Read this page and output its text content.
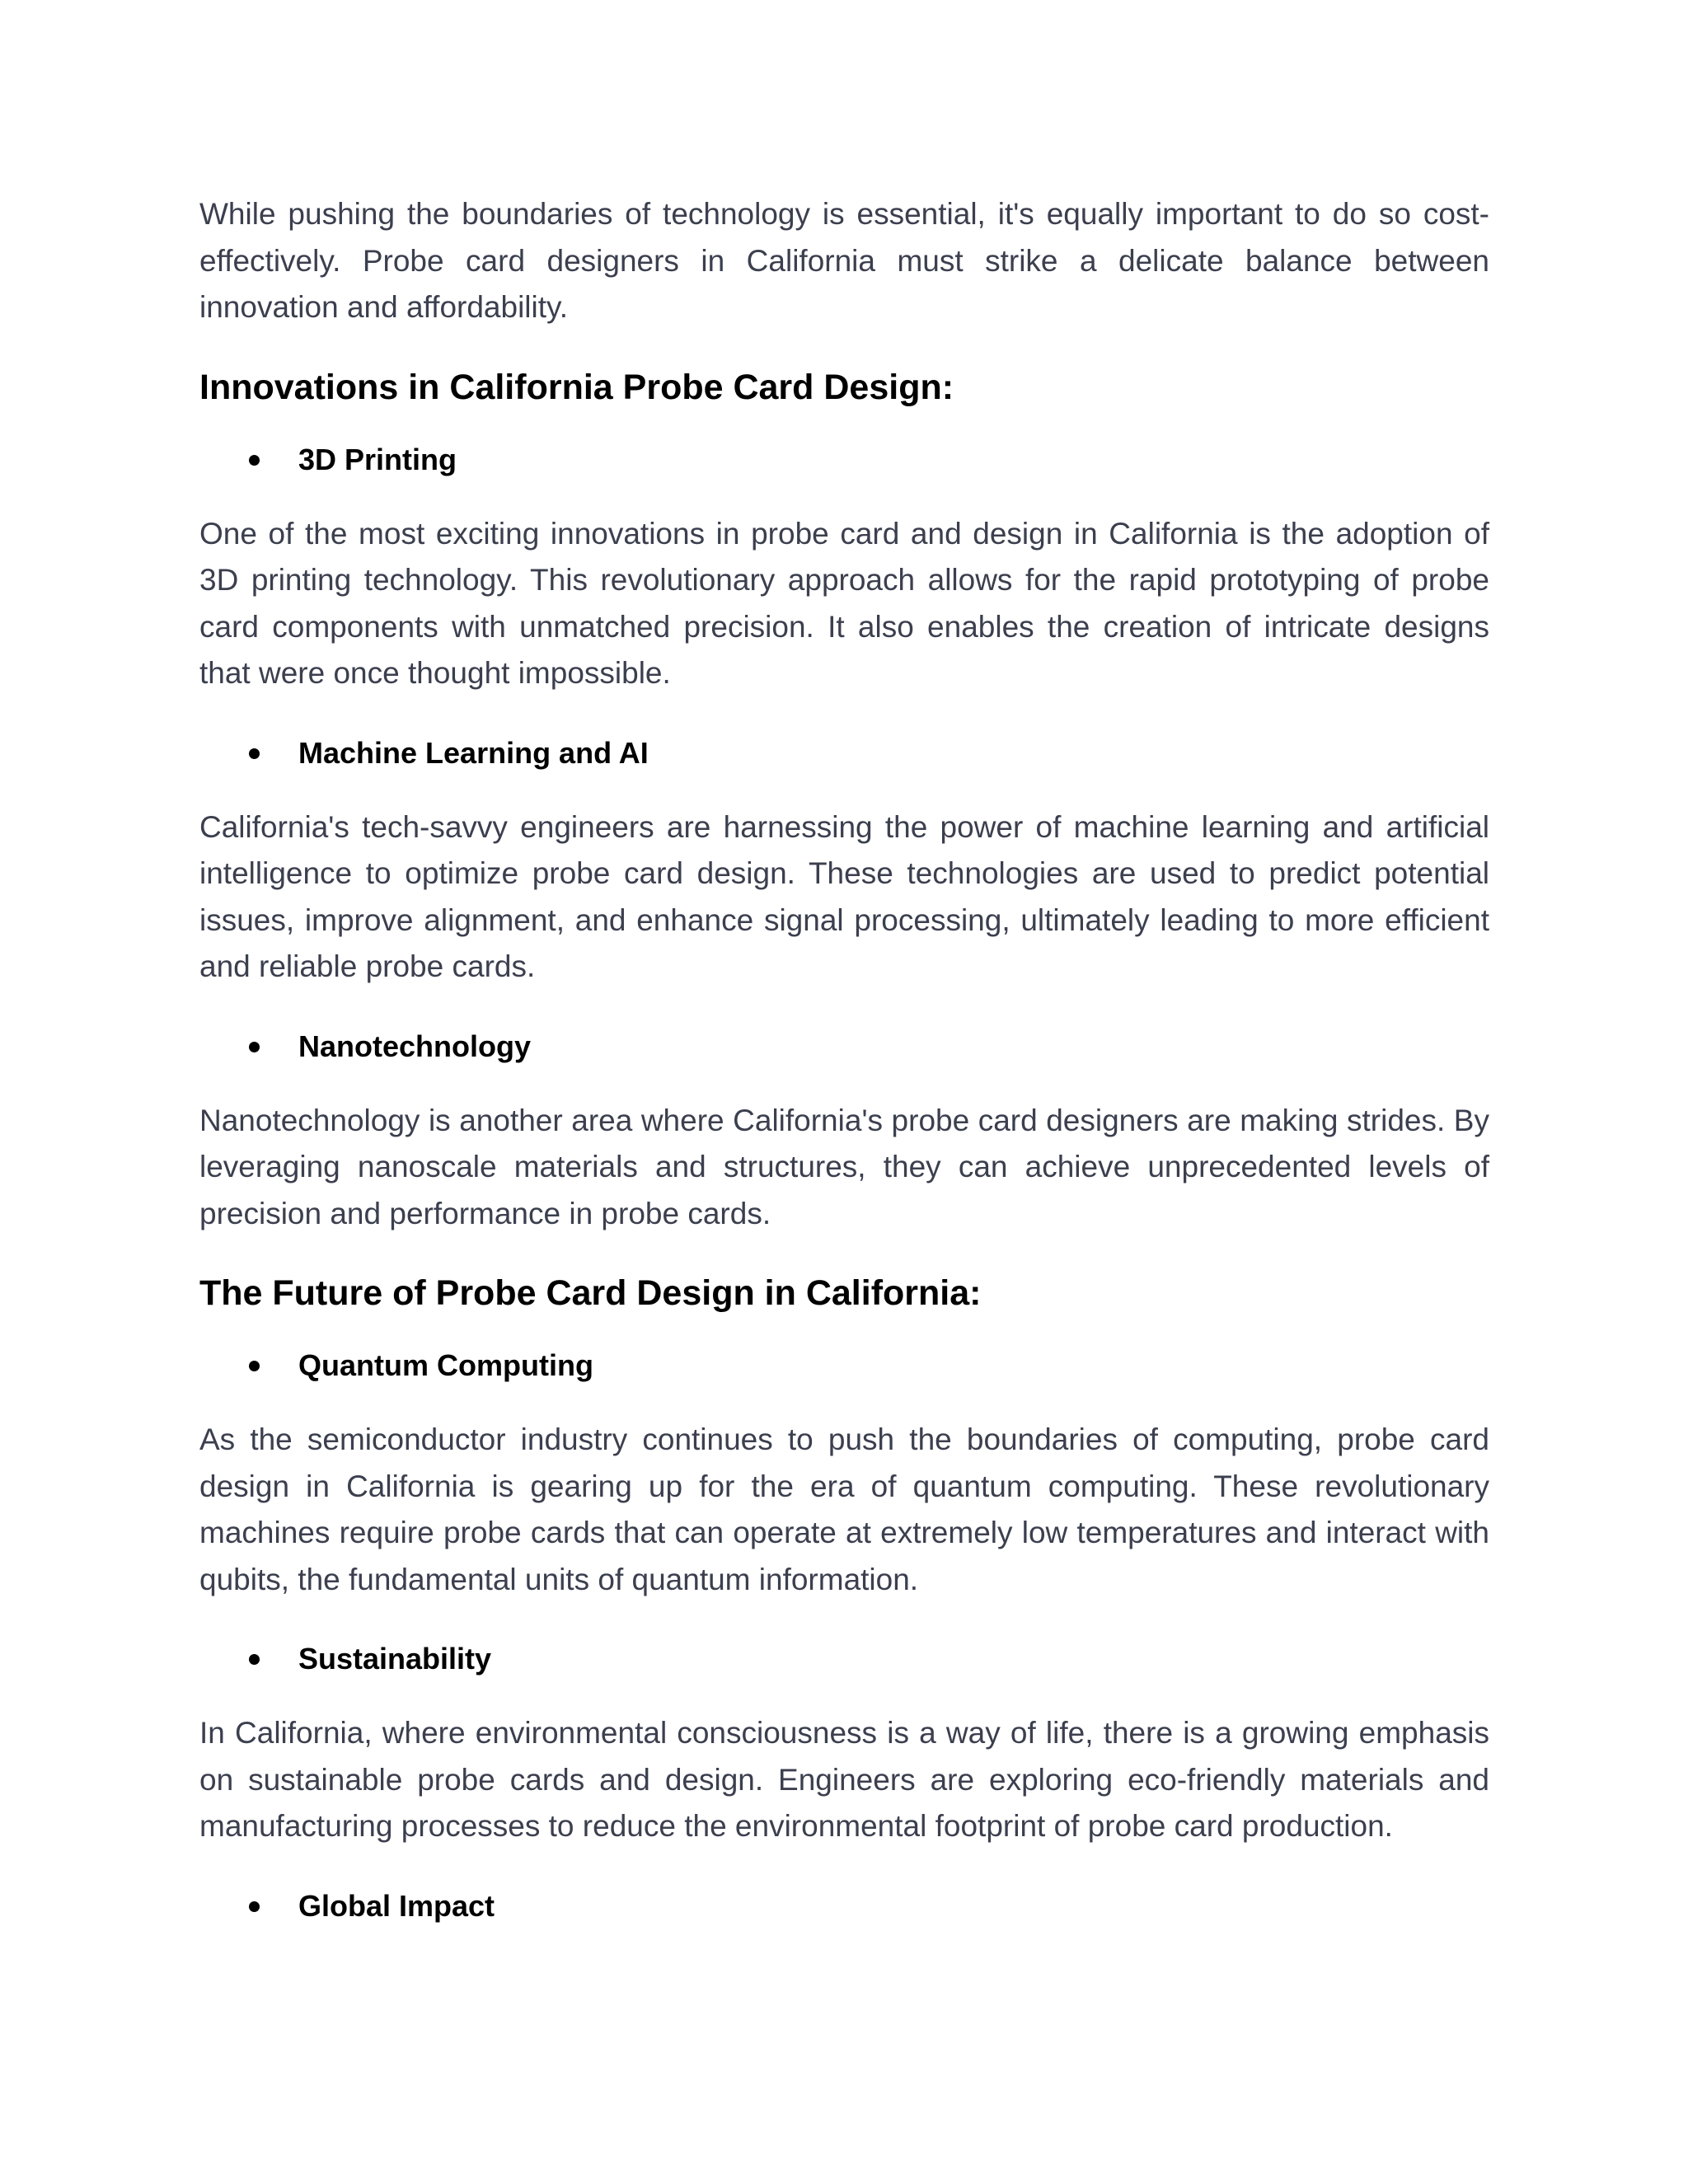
While pushing the boundaries of technology is essential, it's equally important to do so cost-effectively. Probe card designers in California must strike a delicate balance between innovation and affordability.

Innovations in California Probe Card Design:
3D Printing

One of the most exciting innovations in probe card and design in California is the adoption of 3D printing technology. This revolutionary approach allows for the rapid prototyping of probe card components with unmatched precision. It also enables the creation of intricate designs that were once thought impossible.

Machine Learning and AI

California's tech-savvy engineers are harnessing the power of machine learning and artificial intelligence to optimize probe card design. These technologies are used to predict potential issues, improve alignment, and enhance signal processing, ultimately leading to more efficient and reliable probe cards.

Nanotechnology

Nanotechnology is another area where California's probe card designers are making strides. By leveraging nanoscale materials and structures, they can achieve unprecedented levels of precision and performance in probe cards.

The Future of Probe Card Design in California:
Quantum Computing

As the semiconductor industry continues to push the boundaries of computing, probe card design in California is gearing up for the era of quantum computing. These revolutionary machines require probe cards that can operate at extremely low temperatures and interact with qubits, the fundamental units of quantum information.

Sustainability

In California, where environmental consciousness is a way of life, there is a growing emphasis on sustainable probe cards and design. Engineers are exploring eco-friendly materials and manufacturing processes to reduce the environmental footprint of probe card production.

Global Impact
